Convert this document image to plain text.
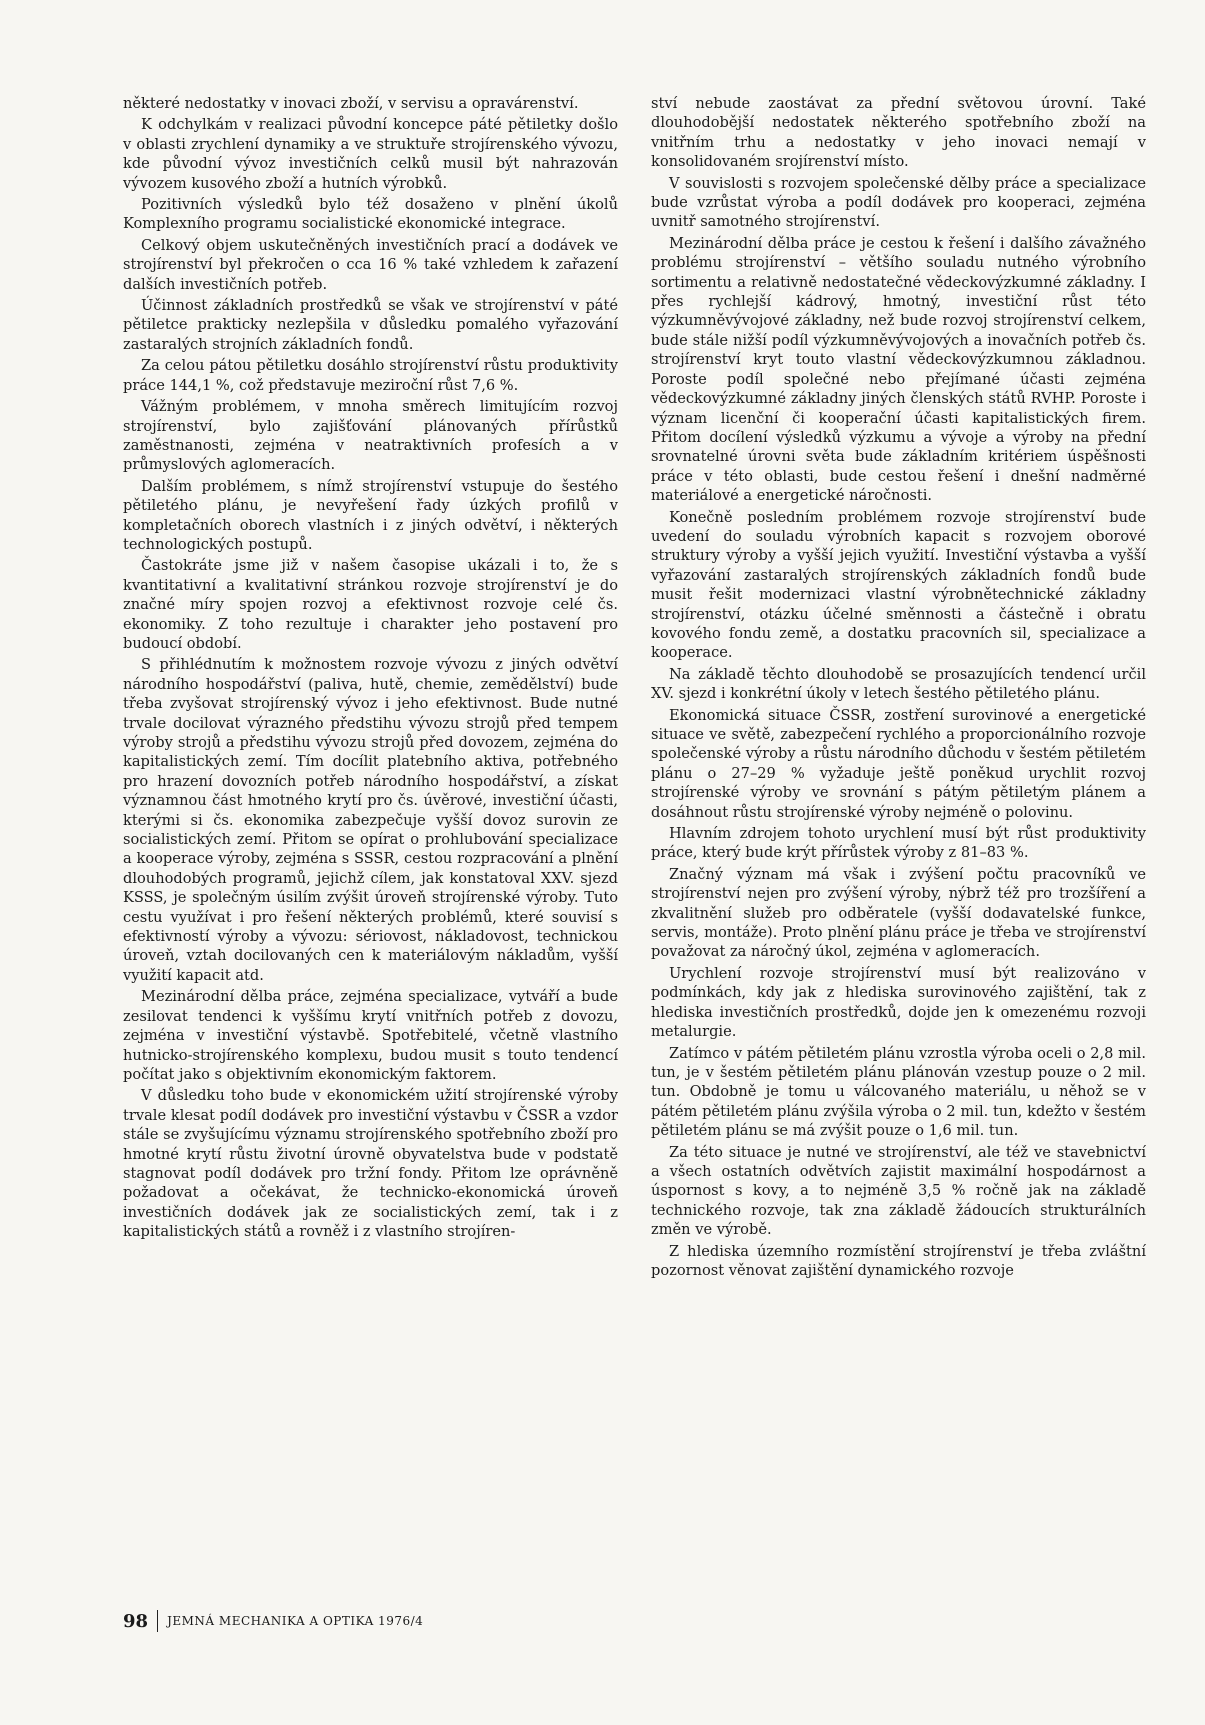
některé nedostatky v inovaci zboží, v servisu a opravárenství.

K odchylkám v realizaci původní koncepce páté pětiletky došlo v oblasti zrychlení dynamiky a ve struktuře strojírenského vývozu, kde původní vývoz investičních celků musil být nahrazován vývozem kusového zboží a hutních výrobků.

Pozitivních výsledků bylo též dosaženo v plnění úkolů Komplexního programu socialistické ekonomické integrace.

Celkový objem uskutečněných investičních prací a dodávek ve strojírenství byl překročen o cca 16 % také vzhledem k zařazení dalších investičních potřeb.

Účinnost základních prostředků se však ve strojírenství v páté pětiletce prakticky nezlepšila v důsledku pomalého vyřazování zastaralých strojních základních fondů.

Za celou pátou pětiletku dosáhlo strojírenství růstu produktivity práce 144,1 %, což představuje meziroční růst 7,6 %.

Vážným problémem, v mnoha směrech limitujícím rozvoj strojírenství, bylo zajišťování plánovaných přírůstků zaměstnanosti, zejména v neatraktivních profesích a v průmyslových aglomeracích.

Dalším problémem, s nímž strojírenství vstupuje do šestého pětiletého plánu, je nevyřešení řady úzkých profilů v kompletačních oborech vlastních i z jiných odvětví, i některých technologických postupů.

Častokráte jsme již v našem časopise ukázali i to, že s kvantitativní a kvalitativní stránkou rozvoje strojírenství je do značné míry spojen rozvoj a efektivnost rozvoje celé čs. ekonomiky. Z toho rezultuje i charakter jeho postavení pro budoucí období.

S přihlédnutím k možnostem rozvoje vývozu z jiných odvětví národního hospodářství (paliva, hutě, chemie, zemědělství) bude třeba zvyšovat strojírenský vývoz i jeho efektivnost. Bude nutné trvale docilovat výrazného předstihu vývozu strojů před tempem výroby strojů a předstihu vývozu strojů před dovozem, zejména do kapitalistických zemí. Tím docílit platebního aktiva, potřebného pro hrazení dovozních potřeb národního hospodářství, a získat významnou část hmotného krytí pro čs. úvěrové, investiční účasti, kterými si čs. ekonomika zabezpečuje vyšší dovoz surovin ze socialistických zemí. Přitom se opírat o prohlubování specializace a kooperace výroby, zejména s SSSR, cestou rozpracování a plnění dlouhodobých programů, jejichž cílem, jak konstatoval XXV. sjezd KSSS, je společným úsilím zvýšit úroveň strojírenské výroby. Tuto cestu využívat i pro řešení některých problémů, které souvisí s efektivností výroby a vývozu: sériovost, nákladovost, technickou úroveň, vztah docilovaných cen k materiálovým nákladům, vyšší využití kapacit atd.

Mezinárodní dělba práce, zejména specializace, vytváří a bude zesilovat tendenci k vyššímu krytí vnitřních potřeb z dovozu, zejména v investiční výstavbě. Spotřebitelé, včetně vlastního hutnicko-strojírenského komplexu, budou musit s touto tendencí počítat jako s objektivním ekonomickým faktorem.

V důsledku toho bude v ekonomickém užití strojírenské výroby trvale klesat podíl dodávek pro investiční výstavbu v ČSSR a vzdor stále se zvyšujícímu významu strojírenského spotřebního zboží pro hmotné krytí růstu životní úrovně obyvatelstva bude v podstatě stagnovat podíl dodávek pro tržní fondy. Přitom lze oprávněně požadovat a očekávat, že technicko-ekonomická úroveň investičních dodávek jak ze socialistických zemí, tak i z kapitalistických států a rovněž i z vlastního strojíren-

ství nebude zaostávat za přední světovou úrovní. Také dlouhodobější nedostatek některého spotřebního zboží na vnitřním trhu a nedostatky v jeho inovaci nemají v konsolidovaném srojírenství místo.

V souvislosti s rozvojem společenské dělby práce a specializace bude vzrůstat výroba a podíl dodávek pro kooperaci, zejména uvnitř samotného strojírenství.

Mezinárodní dělba práce je cestou k řešení i dalšího závažného problému strojírenství – většího souladu nutného výrobního sortimentu a relativně nedostatečné vědeckovýzkumné základny. I přes rychlejší kádrový, hmotný, investiční růst této výzkumněvývojové základny, než bude rozvoj strojírenství celkem, bude stále nižší podíl výzkumněvývojových a inovačních potřeb čs. strojírenství kryt touto vlastní vědeckovýzkumnou základnou. Poroste podíl společné nebo přejímané účasti zejména vědeckovýzkumné základny jiných členských států RVHP. Poroste i význam licenční či kooperační účasti kapitalistických firem. Přitom docílení výsledků výzkumu a vývoje a výroby na přední srovnatelné úrovni světa bude základním kritériem úspěšnosti práce v této oblasti, bude cestou řešení i dnešní nadměrné materiálové a energetické náročnosti.

Konečně posledním problémem rozvoje strojírenství bude uvedení do souladu výrobních kapacit s rozvojem oborové struktury výroby a vyšší jejich využití. Investiční výstavba a vyšší vyřazování zastaralých strojírenských základních fondů bude musit řešit modernizaci vlastní výrobnětechnické základny strojírenství, otázku účelné směnnosti a částečně i obratu kovového fondu země, a dostatku pracovních sil, specializace a kooperace.

Na základě těchto dlouhodobě se prosazujících tendencí určil XV. sjezd i konkrétní úkoly v letech šestého pětiletého plánu.

Ekonomická situace ČSSR, zostření surovinové a energetické situace ve světě, zabezpečení rychlého a proporcionálního rozvoje společenské výroby a růstu národního důchodu v šestém pětiletém plánu o 27–29 % vyžaduje ještě poněkud urychlit rozvoj strojírenské výroby ve srovnání s pátým pětiletým plánem a dosáhnout růstu strojírenské výroby nejméně o polovinu.

Hlavním zdrojem tohoto urychlení musí být růst produktivity práce, který bude krýt přírůstek výroby z 81–83 %.

Značný význam má však i zvýšení počtu pracovníků ve strojírenství nejen pro zvýšení výroby, nýbrž též pro trozšíření a zkvalitnění služeb pro odběratele (vyšší dodavatelské funkce, servis, montáže). Proto plnění plánu práce je třeba ve strojírenství považovat za náročný úkol, zejména v aglomeracích.

Urychlení rozvoje strojírenství musí být realizováno v podmínkách, kdy jak z hlediska surovinového zajištění, tak z hlediska investičních prostředků, dojde jen k omezenému rozvoji metalurgie.

Zatímco v pátém pětiletém plánu vzrostla výroba oceli o 2,8 mil. tun, je v šestém pětiletém plánu plánován vzestup pouze o 2 mil. tun. Obdobně je tomu u válcovaného materiálu, u něhož se v pátém pětiletém plánu zvýšila výroba o 2 mil. tun, kdežto v šestém pětiletém plánu se má zvýšit pouze o 1,6 mil. tun.

Za této situace je nutné ve strojírenství, ale též ve stavebnictví a všech ostatních odvětvích zajistit maximální hospodárnost a úspornost s kovy, a to nejméně 3,5 % ročně jak na základě technického rozvoje, tak zna základě žádoucích strukturálních změn ve výrobě.

Z hlediska územního rozmístění strojírenství je třeba zvláštní pozornost věnovat zajištění dynamického rozvoje

98 JEMNÁ MECHANIKA A OPTIKA 1976/4
